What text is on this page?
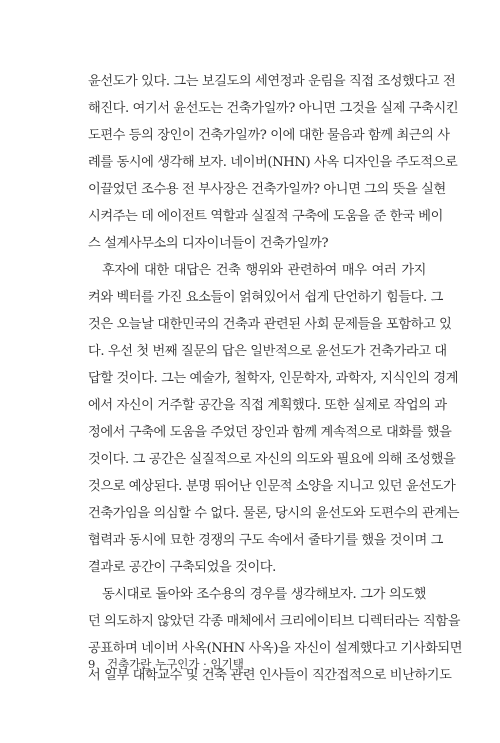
윤선도가 있다. 그는 보길도의 세연정과 운림을 직접 조성했다고 전
해진다. 여기서 윤선도는 건축가일까? 아니면 그것을 실제 구축시킨
도편수 등의 장인이 건축가일까? 이에 대한 물음과 함께 최근의 사
례를 동시에 생각해 보자. 네이버(NHN) 사옥 디자인을 주도적으로
이끌었던 조수용 전 부사장은 건축가일까? 아니면 그의 뜻을 실현
시켜주는 데 에이전트 역할과 실질적 구축에 도움을 준 한국 베이
스 설계사무소의 디자이너들이 건축가일까?
후자에 대한 대답은 건축 행위와 관련하여 매우 여러 가지
켜와 벡터를 가진 요소들이 얽혀있어서 쉽게 단언하기 힘들다. 그
것은 오늘날 대한민국의 건축과 관련된 사회 문제들을 포함하고 있
다. 우선 첫 번째 질문의 답은 일반적으로 윤선도가 건축가라고 대
답할 것이다. 그는 예술가, 철학자, 인문학자, 과학자, 지식인의 경계
에서 자신이 거주할 공간을 직접 계획했다. 또한 실제로 작업의 과
정에서 구축에 도움을 주었던 장인과 함께 계속적으로 대화를 했을
것이다. 그 공간은 실질적으로 자신의 의도와 필요에 의해 조성했을
것으로 예상된다. 분명 뛰어난 인문적 소양을 지니고 있던 윤선도가
건축가임을 의심할 수 없다. 물론, 당시의 윤선도와 도편수의 관계는
협력과 동시에 묘한 경쟁의 구도 속에서 줄타기를 했을 것이며 그
결과로 공간이 구축되었을 것이다.
동시대로 돌아와 조수용의 경우를 생각해보자. 그가 의도했
던 의도하지 않았던 각종 매체에서 크리에이티브 디렉터라는 직함을
공표하며 네이버 사옥(NHN 사옥)을 자신이 설계했다고 기사화되면
서 일부 대학교수 및 건축 관련 인사들이 직간접적으로 비난하기도
9 건축가란 누구인가 · 임기택
